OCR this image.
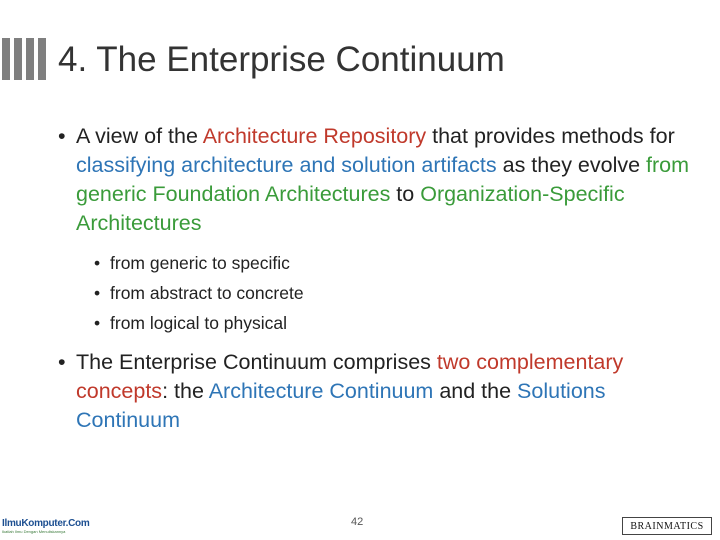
4. The Enterprise Continuum
• A view of the Architecture Repository that provides methods for classifying architecture and solution artifacts as they evolve from generic Foundation Architectures to Organization-Specific Architectures
• from generic to specific
• from abstract to concrete
• from logical to physical
• The Enterprise Continuum comprises two complementary concepts: the Architecture Continuum and the Solutions Continuum
IlmuKomputer.Com
Ikatlah Ilmu Dengan Menuliskannya
42	BRAINMATICS
